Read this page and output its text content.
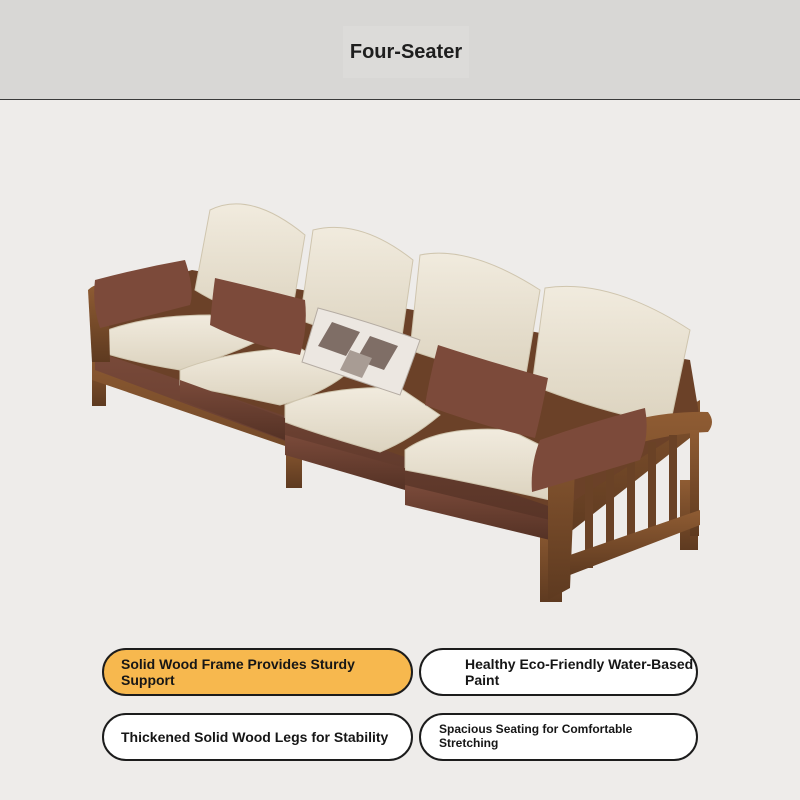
Four-Seater
Solid Wood Frame Provides Sturdy Support
Healthy Eco-Friendly Water-Based Paint
Thickened Solid Wood Legs for Stability	Spacious Seating for Comfortable Stretching
